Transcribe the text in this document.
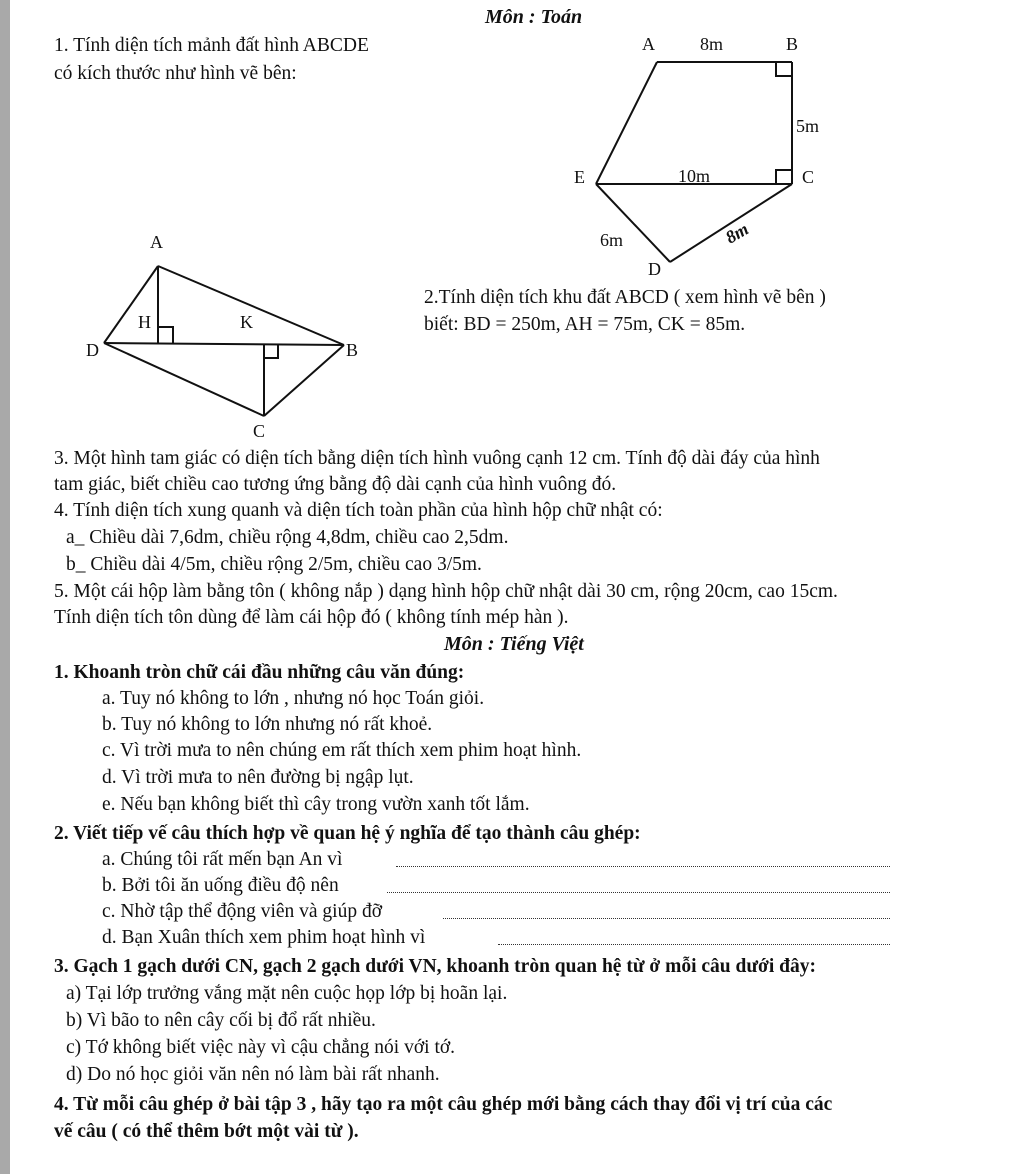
Môn : Toán
1. Tính diện tích mảnh đất hình ABCDE
có kích thước như hình vẽ bên:
A	B
C
D
E
8m
5m
10m
6m	8m
A
B
C
D
H	K
2.Tính diện tích khu đất ABCD ( xem hình vẽ bên )
biết: BD = 250m, AH = 75m, CK = 85m.
3. Một hình tam giác có diện tích bằng diện tích hình vuông cạnh 12 cm. Tính độ dài đáy của hình
tam giác, biết chiều cao tương ứng bằng độ dài cạnh của hình vuông đó.
4. Tính diện tích xung quanh và diện tích toàn phần của hình hộp chữ nhật có:
a_ Chiều dài 7,6dm, chiều rộng 4,8dm, chiều cao 2,5dm.
b_ Chiều dài 4/5m, chiều rộng 2/5m, chiều cao 3/5m.
5. Một cái hộp làm bằng tôn ( không nắp ) dạng hình hộp chữ nhật dài 30 cm, rộng 20cm, cao 15cm.
Tính diện tích tôn dùng để làm cái hộp đó ( không tính mép hàn ).
Môn : Tiếng Việt
1. Khoanh tròn chữ cái đầu những câu văn đúng:
a. Tuy nó không to lớn , nhưng nó học Toán giỏi.
b. Tuy nó không to lớn nhưng nó rất khoẻ.
c. Vì trời mưa to nên chúng em rất thích xem phim hoạt hình.
d. Vì trời mưa to nên đường bị ngập lụt.
e. Nếu bạn không biết thì cây trong vườn xanh tốt lắm.
2. Viết tiếp vế câu thích hợp về quan hệ ý nghĩa để tạo thành câu ghép:
a. Chúng tôi rất mến bạn An vì
b. Bởi tôi ăn uống điều độ nên
c. Nhờ tập thể động viên và giúp đỡ
d. Bạn Xuân thích xem phim hoạt hình vì
3. Gạch 1 gạch dưới CN, gạch 2 gạch dưới VN, khoanh tròn quan hệ từ ở mỗi câu dưới đây:
a) Tại lớp trưởng vắng mặt nên cuộc họp lớp bị hoãn lại.
b) Vì bão to nên cây cối bị đổ rất nhiều.
c) Tớ không biết việc này vì cậu chẳng nói với tớ.
d) Do nó học giỏi văn nên nó làm bài rất nhanh.
4. Từ mỗi câu ghép ở bài tập 3 , hãy tạo ra một câu ghép mới bằng cách thay đổi vị trí của các
vế câu ( có thể thêm bớt một vài từ ).
